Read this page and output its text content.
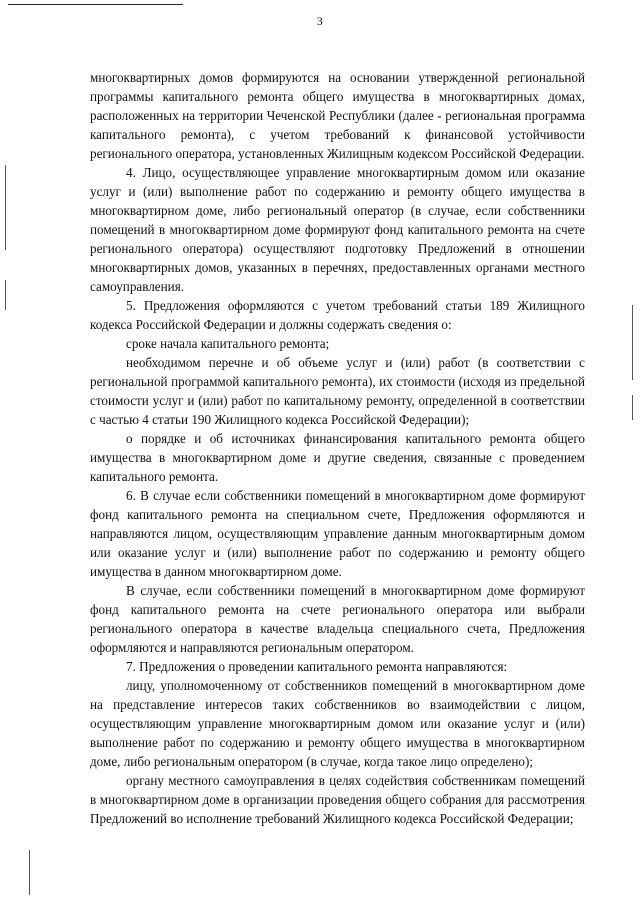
3

многоквартирных домов формируются на основании утвержденной региональной программы капитального ремонта общего имущества в многоквартирных домах, расположенных на территории Чеченской Республики (далее - региональная программа капитального ремонта), с учетом требований к финансовой устойчивости регионального оператора, установленных Жилищным кодексом Российской Федерации.

4. Лицо, осуществляющее управление многоквартирным домом или оказание услуг и (или) выполнение работ по содержанию и ремонту общего имущества в многоквартирном доме, либо региональный оператор (в случае, если собственники помещений в многоквартирном доме формируют фонд капитального ремонта на счете регионального оператора) осуществляют подготовку Предложений в отношении многоквартирных домов, указанных в перечнях, предоставленных органами местного самоуправления.

5. Предложения оформляются с учетом требований статьи 189 Жилищного кодекса Российской Федерации и должны содержать сведения о:

сроке начала капитального ремонта;

необходимом перечне и об объеме услуг и (или) работ (в соответствии с региональной программой капитального ремонта), их стоимости (исходя из предельной стоимости услуг и (или) работ по капитальному ремонту, определенной в соответствии с частью 4 статьи 190 Жилищного кодекса Российской Федерации);

о порядке и об источниках финансирования капитального ремонта общего имущества в многоквартирном доме и другие сведения, связанные с проведением капитального ремонта.

6. В случае если собственники помещений в многоквартирном доме формируют фонд капитального ремонта на специальном счете, Предложения оформляются и направляются лицом, осуществляющим управление данным многоквартирным домом или оказание услуг и (или) выполнение работ по содержанию и ремонту общего имущества в данном многоквартирном доме.

В случае, если собственники помещений в многоквартирном доме формируют фонд капитального ремонта на счете регионального оператора или выбрали регионального оператора в качестве владельца специального счета, Предложения оформляются и направляются региональным оператором.

7. Предложения о проведении капитального ремонта направляются:

лицу, уполномоченному от собственников помещений в многоквартирном доме на представление интересов таких собственников во взаимодействии с лицом, осуществляющим управление многоквартирным домом или оказание услуг и (или) выполнение работ по содержанию и ремонту общего имущества в многоквартирном доме, либо региональным оператором (в случае, когда такое лицо определено);

органу местного самоуправления в целях содействия собственникам помещений в многоквартирном доме в организации проведения общего собрания для рассмотрения Предложений во исполнение требований Жилищного кодекса Российской Федерации;
